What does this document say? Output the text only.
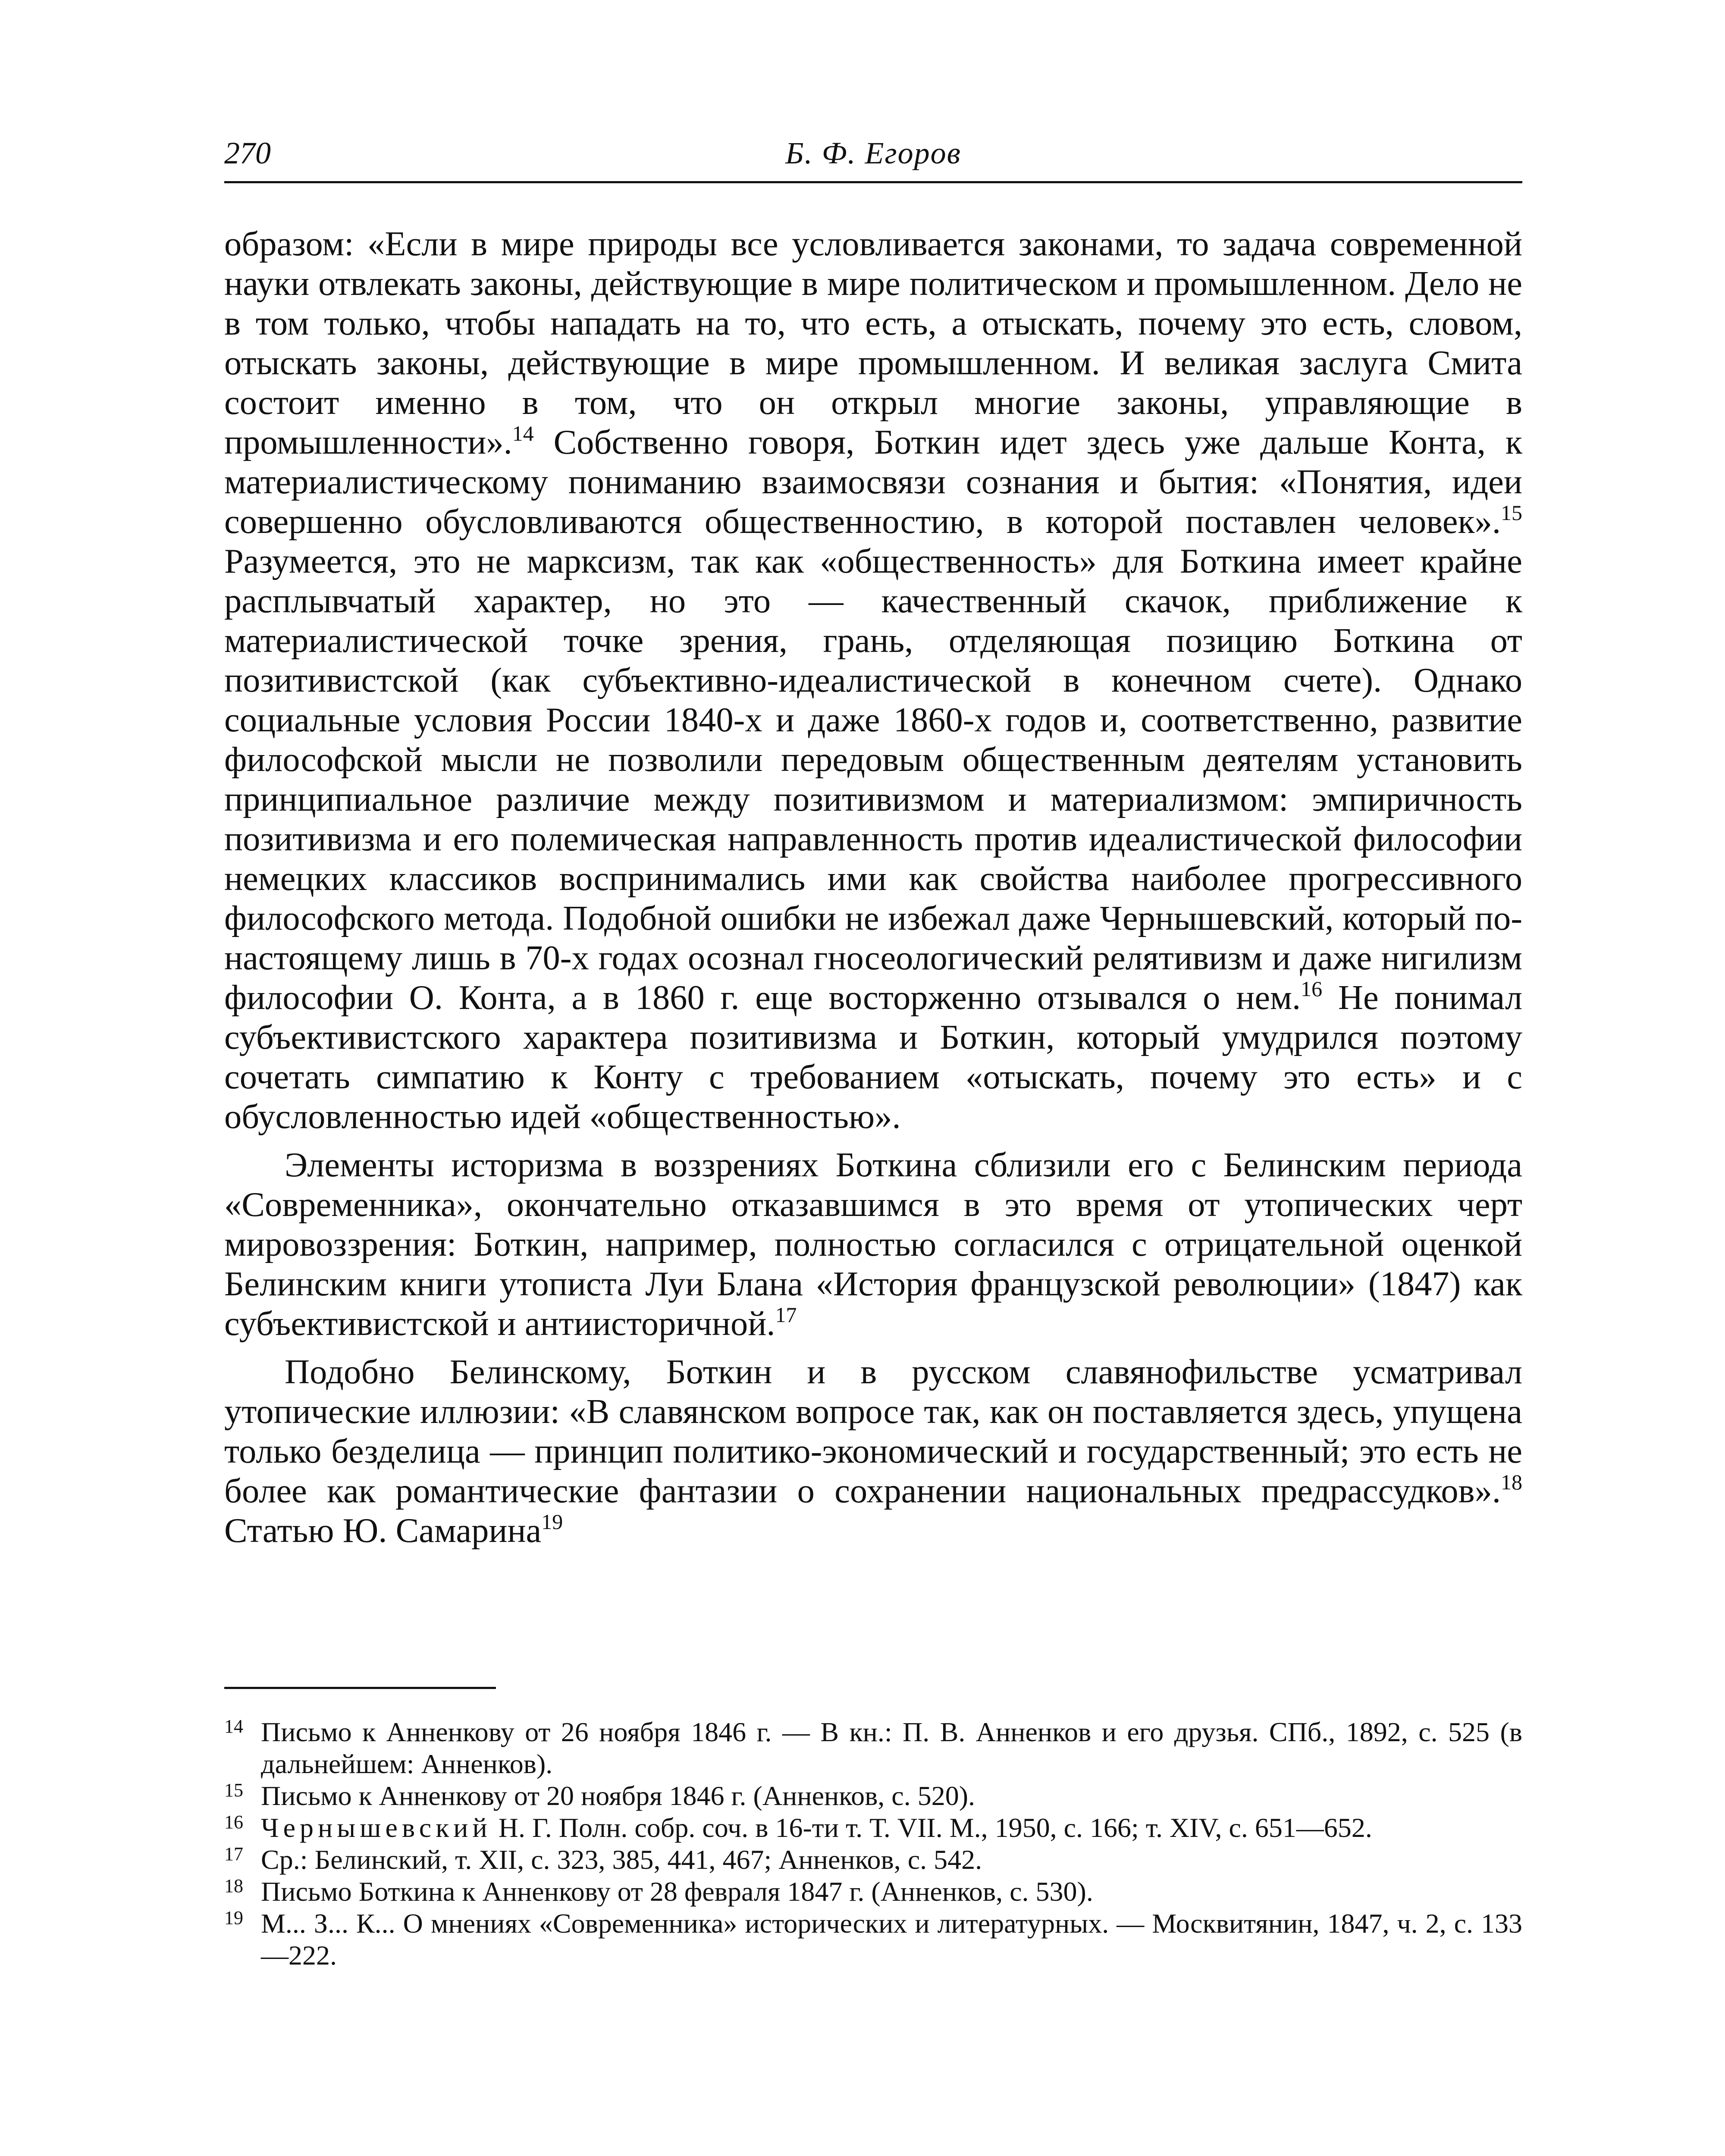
270	Б. Ф. Егоров

образом: «Если в мире природы все условливается законами, то задача современной науки отвлекать законы, действующие в мире политическом и промышленном. Дело не в том только, чтобы нападать на то, что есть, а отыскать, почему это есть, словом, отыскать законы, действующие в мире промышленном. И великая заслуга Смита состоит именно в том, что он открыл многие законы, управляющие в промышленности».$^{14}$ Собственно говоря, Боткин идет здесь уже дальше Конта, к материалистическому пониманию взаимосвязи сознания и бытия: «Понятия, идеи совершенно обусловливаются общественностию, в которой поставлен человек».$^{15}$ Разумеется, это не марксизм, так как «общественность» для Боткина имеет крайне расплывчатый характер, но это — качественный скачок, приближение к материалистической точке зрения, грань, отделяющая позицию Боткина от позитивистской (как субъективно-идеалистической в конечном счете). Однако социальные условия России 1840-х и даже 1860-х годов и, соответственно, развитие философской мысли не позволили передовым общественным деятелям установить принципиальное различие между позитивизмом и материализмом: эмпиричность позитивизма и его полемическая направленность против идеалистической философии немецких классиков воспринимались ими как свойства наиболее прогрессивного философского метода. Подобной ошибки не избежал даже Чернышевский, который по-настоящему лишь в 70-х годах осознал гносеологический релятивизм и даже нигилизм философии О. Конта, а в 1860 г. еще восторженно отзывался о нем.$^{16}$ Не понимал субъективистского характера позитивизма и Боткин, который умудрился поэтому сочетать симпатию к Конту с требованием «отыскать, почему это есть» и с обусловленностью идей «общественностью».

Элементы историзма в воззрениях Боткина сблизили его с Белинским периода «Современника», окончательно отказавшимся в это время от утопических черт мировоззрения: Боткин, например, полностью согласился с отрицательной оценкой Белинским книги утописта Луи Блана «История французской революции» (1847) как субъективистской и антиисторичной.$^{17}$

Подобно Белинскому, Боткин и в русском славянофильстве усматривал утопические иллюзии: «В славянском вопросе так, как он поставляется здесь, упущена только безделица — принцип политико-экономический и государственный; это есть не более как романтические фантазии о сохранении национальных предрассудков».$^{18}$ Статью Ю. Самарина$^{19}$

14 Письмо к Анненкову от 26 ноября 1846 г. — В кн.: П. В. Анненков и его друзья. СПб., 1892, с. 525 (в дальнейшем: Анненков).

15 Письмо к Анненкову от 20 ноября 1846 г. (Анненков, с. 520).

16 Чернышевский Н. Г. Полн. собр. соч. в 16-ти т. Т. VII. М., 1950, с. 166; т. XIV, с. 651—652.

17 Ср.: Белинский, т. XII, с. 323, 385, 441, 467; Анненков, с. 542.

18 Письмо Боткина к Анненкову от 28 февраля 1847 г. (Анненков, с. 530).

19 М... З... К... О мнениях «Современника» исторических и литературных. — Москвитянин, 1847, ч. 2, с. 133—222.
